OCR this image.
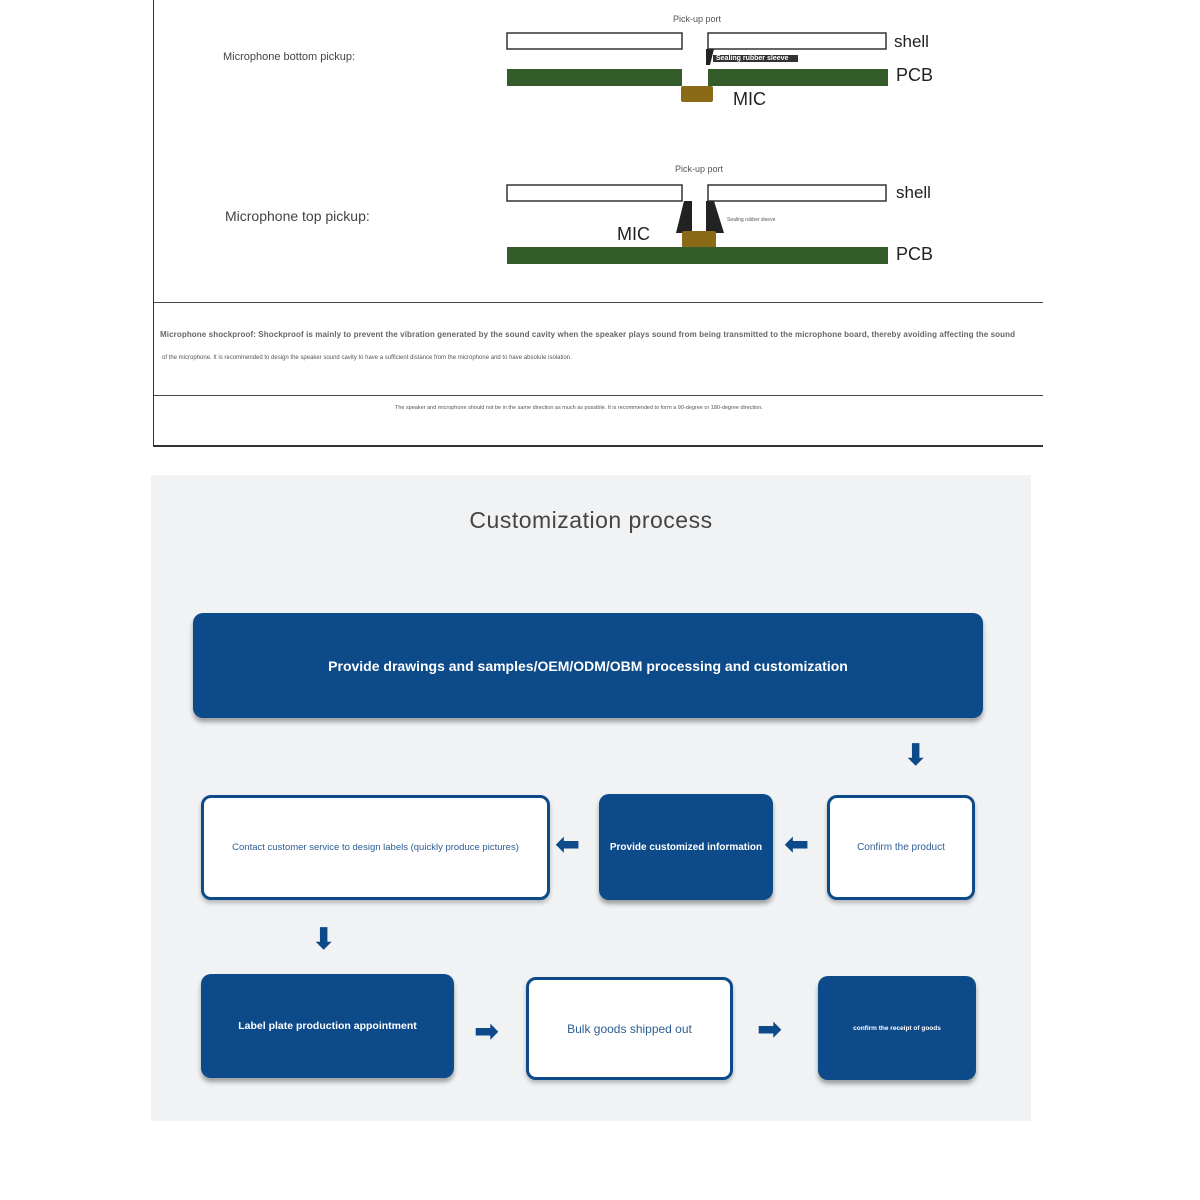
Microphone bottom pickup:
Pick-up port
Sealing rubber sleeve
shell
PCB
MIC
Microphone top pickup:
Pick-up port
Sealing rubber sleeve
shell
PCB
MIC
Microphone shockproof: Shockproof is mainly to prevent the vibration generated by the sound cavity when the speaker plays sound from being transmitted to the microphone board, thereby avoiding affecting the sound
of the microphone. It is recommended to design the speaker sound cavity to have a sufficient distance from the microphone and to have absolute isolation.
The speaker and microphone should not be in the same direction as much as possible. It is recommended to form a 90-degree or 180-degree direction.
Customization process
Provide drawings and samples/OEM/ODM/OBM processing and customization
⬇
Confirm the product
⬅
Provide customized information
⬅
Contact customer service to design labels (quickly produce pictures)
⬇
Label plate production appointment ➡	Bulk goods shipped out ➡	confirm the receipt of goods
